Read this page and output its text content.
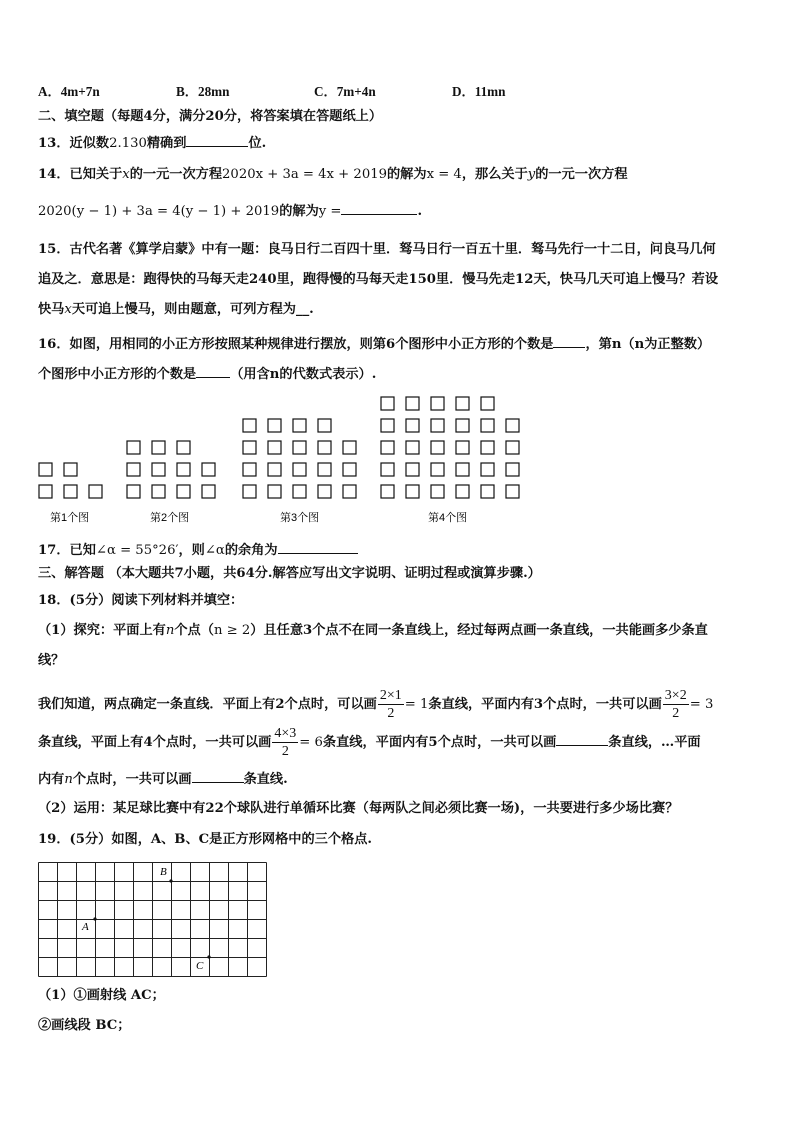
A．4m+7n	B．28mn	C．7m+4n	D．11mn
二、填空题（每题4分，满分20分，将答案填在答题纸上）
13．近似数2.130精确到	位.
14．已知关于x的一元一次方程2020x + 3a = 4x + 2019的解为x = 4，那么关于y的一元一次方程
2020(y − 1) + 3a = 4(y − 1) + 2019的解为y =	.
15．古代名著《算学启蒙》中有一题：良马日行二百四十里．驽马日行一百五十里．驽马先行一十二日，问良马几何
追及之．意思是：跑得快的马每天走240里，跑得慢的马每天走150里．慢马先走12天，快马几天可追上慢马？若设
快马x天可追上慢马，则由题意，可列方程为__.
16．如图，用相同的小正方形按照某种规律进行摆放，则第6个图形中小正方形的个数是 ，第n（n为正整数）
个图形中小正方形的个数是	（用含n的代数式表示）.
第1个图	第2个图	第3个图	第4个图
17．已知∠α = 55°26′，则∠α的余角为
三、解答题 （本大题共7小题，共64分.解答应写出文字说明、证明过程或演算步骤.）
18．(5分）阅读下列材料并填空：
（1）探究：平面上有n个点（n ≥ 2）且任意3个点不在同一条直线上，经过每两点画一条直线，一共能画多少条直
线？
我们知道，两点确定一条直线．平面上有2个点时，可以画 $\frac{2\times 1}{2} = 1$条直线，平面内有3个点时，一共可以画 $\frac{3\times 2}{2} = 3$
条直线，平面上有4个点时，一共可以画 $\frac{4\times 3}{2} = 6$条直线，平面内有5个点时，一共可以画	条直线，…平面
内有n个点时，一共可以画	条直线.
（2）运用：某足球比赛中有22个球队进行单循环比赛（每两队之间必须比赛一场)，一共要进行多少场比赛？
19．(5分）如图，A、B、C是正方形网格中的三个格点.
A
B
C
（1）①画射线 AC；
②画线段 BC；
